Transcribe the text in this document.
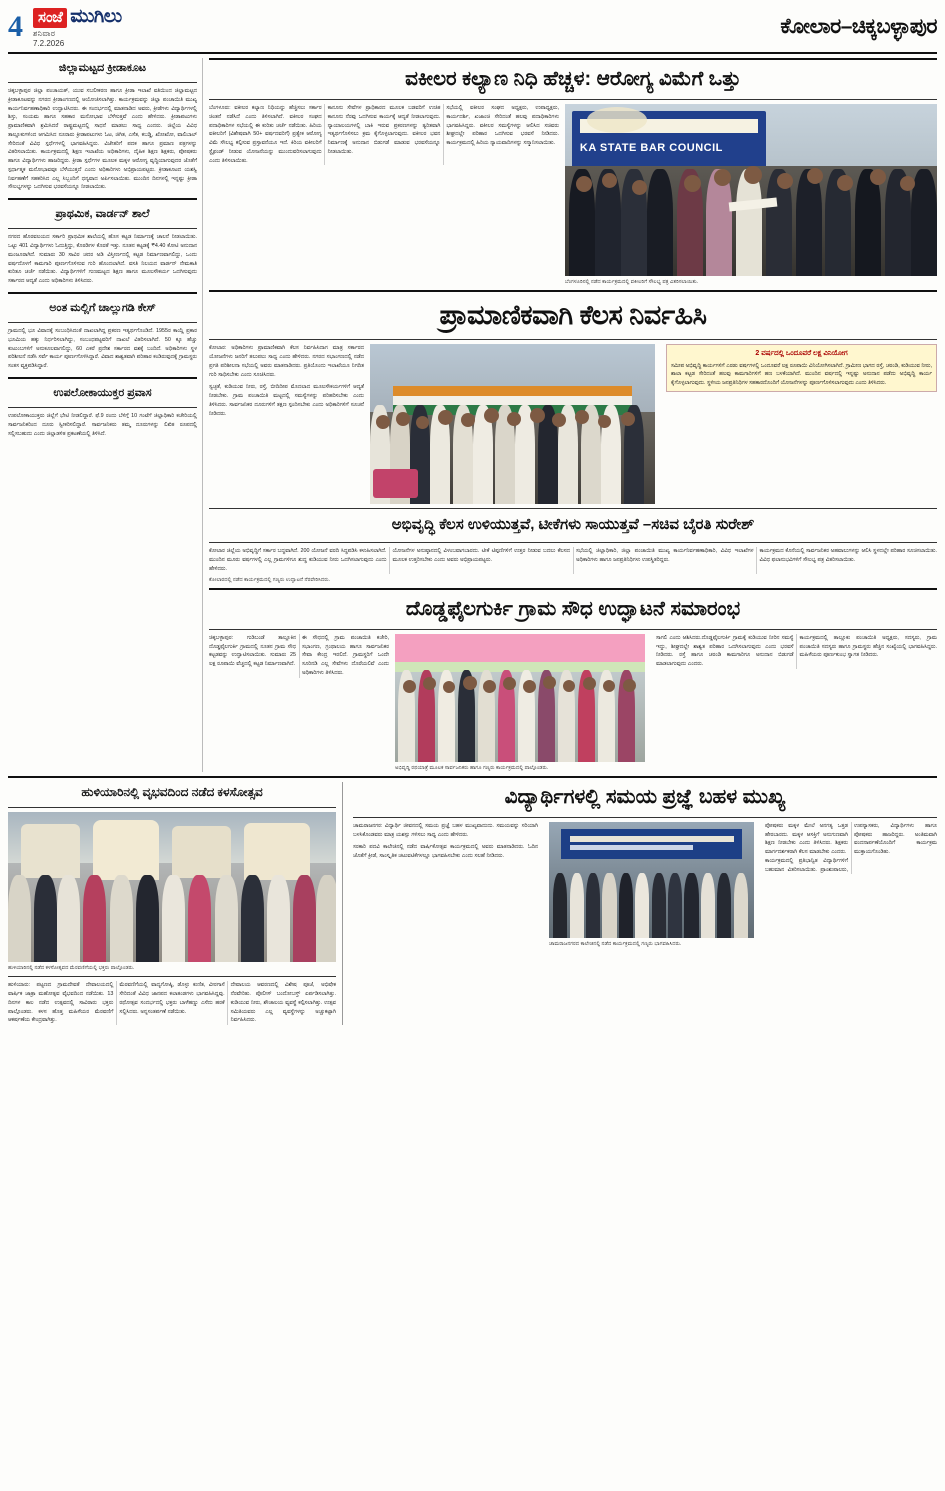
4	ಸಂಜೆ ಮುಗಿಲು
ಶನಿವಾರ
7.2.2026
ಕೋಲಾರ–ಚಿಕ್ಕಬಳ್ಳಾಪುರ
ಜಿಲ್ಲಾಮಟ್ಟದ ಕ್ರೀಡಾಕೂಟ
ಚಿಕ್ಕಬಳ್ಳಾಪುರ ಜಿಲ್ಲಾ ಪಂಚಾಯತ್‌, ಯುವ ಸಬಲೀಕರಣ ಹಾಗೂ ಕ್ರೀಡಾ ಇಲಾಖೆ ವತಿಯಿಂದ ಜಿಲ್ಲಾಮಟ್ಟದ ಕ್ರೀಡಾಕೂಟವನ್ನು ನಗರದ ಕ್ರೀಡಾಂಗಣದಲ್ಲಿ ಆಯೋಜಿಸಲಾಗಿತ್ತು. ಕಾರ್ಯಕ್ರಮವನ್ನು ಜಿಲ್ಲಾ ಪಂಚಾಯಿತಿ ಮುಖ್ಯ ಕಾರ್ಯನಿರ್ವಹಣಾಧಿಕಾರಿ ಉದ್ಘಾಟಿಸಿದರು. ಈ ಸಂದರ್ಭದಲ್ಲಿ ಮಾತನಾಡಿದ ಅವರು, ಕ್ರೀಡೆಗಳು ವಿದ್ಯಾರ್ಥಿಗಳಲ್ಲಿ ಶಿಸ್ತು, ಸಂಯಮ ಹಾಗೂ ಸಹಕಾರ ಮನೋಭಾವ ಬೆಳೆಸುತ್ತವೆ ಎಂದು ಹೇಳಿದರು. ಕ್ರೀಡಾಪಟುಗಳು ಪ್ರಾಮಾಣಿಕವಾಗಿ ಶ್ರಮಿಸಿದರೆ ರಾಷ್ಟ್ರಮಟ್ಟದಲ್ಲಿ ಸಾಧನೆ ಮಾಡಲು ಸಾಧ್ಯ ಎಂದರು. ಜಿಲ್ಲೆಯ ವಿವಿಧ ತಾಲ್ಲೂಕುಗಳಿಂದ ಆಗಮಿಸಿದ ನೂರಾರು ಕ್ರೀಡಾಪಟುಗಳು ಓಟ, ಜಿಗಿತ, ಎಸೆತ, ಕಬಡ್ಡಿ, ಖೋಖೋ, ವಾಲಿಬಾಲ್‌ ಸೇರಿದಂತೆ ವಿವಿಧ ಸ್ಪರ್ಧೆಗಳಲ್ಲಿ ಭಾಗವಹಿಸಿದ್ದರು. ವಿಜೇತರಿಗೆ ಪದಕ ಹಾಗೂ ಪ್ರಮಾಣ ಪತ್ರಗಳನ್ನು ವಿತರಿಸಲಾಯಿತು. ಕಾರ್ಯಕ್ರಮದಲ್ಲಿ ಶಿಕ್ಷಣ ಇಲಾಖೆಯ ಅಧಿಕಾರಿಗಳು, ದೈಹಿಕ ಶಿಕ್ಷಣ ಶಿಕ್ಷಕರು, ಪೋಷಕರು ಹಾಗೂ ವಿದ್ಯಾರ್ಥಿಗಳು ಹಾಜರಿದ್ದರು. ಕ್ರೀಡಾ ಸ್ಪರ್ಧೆಗಳ ಮೂಲಕ ಮಕ್ಕಳ ಆರೋಗ್ಯ ವೃದ್ಧಿಯಾಗುವುದರ ಜೊತೆಗೆ ಸ್ಪರ್ಧಾತ್ಮಕ ಮನೋಭಾವವೂ ಬೆಳೆಯುತ್ತದೆ ಎಂದು ಅಧಿಕಾರಿಗಳು ಅಭಿಪ್ರಾಯಪಟ್ಟರು. ಕ್ರೀಡಾಕೂಟದ ಯಶಸ್ವಿ ನಿರ್ವಹಣೆಗೆ ಸಹಕರಿಸಿದ ಎಲ್ಲ ಸಿಬ್ಬಂದಿಗೆ ಧನ್ಯವಾದ ಅರ್ಪಿಸಲಾಯಿತು. ಮುಂದಿನ ದಿನಗಳಲ್ಲಿ ಇನ್ನಷ್ಟು ಕ್ರೀಡಾ ಸೌಲಭ್ಯಗಳನ್ನು ಒದಗಿಸುವ ಭರವಸೆಯನ್ನೂ ನೀಡಲಾಯಿತು.
ಪ್ರಾಥಮಿಕ, ವಾರ್ಡನ್‌ ಶಾಲೆ
ನಗರದ ಹೊರವಲಯದ ಸರ್ಕಾರಿ ಪ್ರಾಥಮಿಕ ಶಾಲೆಯಲ್ಲಿ ಹೊಸ ಕಟ್ಟಡ ನಿರ್ಮಾಣಕ್ಕೆ ಚಾಲನೆ ನೀಡಲಾಯಿತು. ಒಟ್ಟು 401 ವಿದ್ಯಾರ್ಥಿಗಳು ಓದುತ್ತಿದ್ದು, ಕೊಠಡಿಗಳ ಕೊರತೆ ಇತ್ತು. ನೂತನ ಕಟ್ಟಡಕ್ಕೆ ₹4.40 ಕೋಟಿ ಅನುದಾನ ಮಂಜೂರಾಗಿದೆ. ಸುಮಾರು 30 ಸಾವಿರ ಚದರ ಅಡಿ ವಿಸ್ತೀರ್ಣದಲ್ಲಿ ಕಟ್ಟಡ ನಿರ್ಮಾಣವಾಗಲಿದ್ದು, ಒಂದು ವರ್ಷದೊಳಗೆ ಕಾಮಗಾರಿ ಪೂರ್ಣಗೊಳಿಸುವ ಗುರಿ ಹೊಂದಲಾಗಿದೆ. ವಸತಿ ನಿಲಯದ ವಾರ್ಡನ್‌ ನೇಮಕಾತಿ ಕುರಿತೂ ಚರ್ಚೆ ನಡೆಯಿತು. ವಿದ್ಯಾರ್ಥಿಗಳಿಗೆ ಗುಣಮಟ್ಟದ ಶಿಕ್ಷಣ ಹಾಗೂ ಮೂಲಸೌಕರ್ಯ ಒದಗಿಸುವುದು ಸರ್ಕಾರದ ಆದ್ಯತೆ ಎಂದು ಅಧಿಕಾರಿಗಳು ತಿಳಿಸಿದರು.
ಅಂತ ಮಲ್ಲಿಗೆ ಚಾಲ್ಲುಗಡಿ ಕೇಸ್‌
ಗ್ರಾಮದಲ್ಲಿ ಭೂ ವಿವಾದಕ್ಕೆ ಸಂಬಂಧಿಸಿದಂತೆ ದಾಖಲಾಗಿದ್ದ ಪ್ರಕರಣ ಇತ್ಯರ್ಥಗೊಂಡಿದೆ. 1955ರ ಕಾಯ್ದೆ ಪ್ರಕಾರ ಭೂಮಿಯ ಹಕ್ಕು ನಿರ್ಧರಿಸಲಾಗಿದ್ದು, ಸಂಬಂಧಪಟ್ಟವರಿಗೆ ದಾಖಲೆ ವಿತರಿಸಲಾಗಿದೆ. 50 ಕ್ಕೂ ಹೆಚ್ಚು ಕುಟುಂಬಗಳಿಗೆ ಅನುಕೂಲವಾಗಲಿದ್ದು, 60 ಎಕರೆ ಪ್ರದೇಶ ಸರ್ಕಾರದ ವಶಕ್ಕೆ ಬಂದಿದೆ. ಅಧಿಕಾರಿಗಳು ಸ್ಥಳ ಪರಿಶೀಲನೆ ನಡೆಸಿ ಸರ್ವೆ ಕಾರ್ಯ ಪೂರ್ಣಗೊಳಿಸಿದ್ದಾರೆ. ವಿವಾದ ಶಾಶ್ವತವಾಗಿ ಪರಿಹಾರ ಕಂಡಿರುವುದಕ್ಕೆ ಗ್ರಾಮಸ್ಥರು ಸಂತಸ ವ್ಯಕ್ತಪಡಿಸಿದ್ದಾರೆ.
ಉಪಲೋಕಾಯುಕ್ತರ ಪ್ರವಾಸ
ಉಪಲೋಕಾಯುಕ್ತರು ಜಿಲ್ಲೆಗೆ ಭೇಟಿ ನೀಡಲಿದ್ದಾರೆ. ಫೆ.9 ರಂದು ಬೆಳಿಗ್ಗೆ 10 ಗಂಟೆಗೆ ಜಿಲ್ಲಾಧಿಕಾರಿ ಕಚೇರಿಯಲ್ಲಿ ಸಾರ್ವಜನಿಕರಿಂದ ದೂರು ಸ್ವೀಕರಿಸಲಿದ್ದಾರೆ. ಸಾರ್ವಜನಿಕರು ತಮ್ಮ ದೂರುಗಳನ್ನು ಲಿಖಿತ ರೂಪದಲ್ಲಿ ಸಲ್ಲಿಸಬಹುದು ಎಂದು ಜಿಲ್ಲಾಡಳಿತ ಪ್ರಕಟಣೆಯಲ್ಲಿ ತಿಳಿಸಿದೆ.
ವಕೀಲರ ಕಲ್ಯಾಣ ನಿಧಿ ಹೆಚ್ಚಳ: ಆರೋಗ್ಯ ವಿಮೆಗೆ ಒತ್ತು
ಬೆಂಗಳೂರು: ವಕೀಲರ ಕಲ್ಯಾಣ ನಿಧಿಯನ್ನು ಹೆಚ್ಚಿಸಲು ಸರ್ಕಾರ ಚಿಂತನೆ ನಡೆಸಿದೆ ಎಂದು ತಿಳಿಸಲಾಗಿದೆ. ವಕೀಲರ ಸಂಘದ ಪದಾಧಿಕಾರಿಗಳ ಸಭೆಯಲ್ಲಿ ಈ ಕುರಿತು ಚರ್ಚೆ ನಡೆಯಿತು. ಹಿರಿಯ ವಕೀಲರಿಗೆ (ವಿಶೇಷವಾಗಿ 50+ ವರ್ಷದವರಿಗೆ) ಪ್ರತ್ಯೇಕ ಆರೋಗ್ಯ ವಿಮೆ ಸೌಲಭ್ಯ ಕಲ್ಪಿಸುವ ಪ್ರಸ್ತಾವನೆಯೂ ಇದೆ. ಕಿರಿಯ ವಕೀಲರಿಗೆ ಸ್ಟೈಫಂಡ್‌ ನೀಡುವ ಯೋಜನೆಯನ್ನು ಮುಂದುವರಿಸಲಾಗುವುದು ಎಂದು ತಿಳಿಸಲಾಯಿತು.
ಕಾನೂನು ಸೇವೆಗಳ ಪ್ರಾಧಿಕಾರದ ಮೂಲಕ ಬಡವರಿಗೆ ಉಚಿತ ಕಾನೂನು ನೆರವು ಒದಗಿಸುವ ಕಾರ್ಯಕ್ಕೆ ಆದ್ಯತೆ ನೀಡಲಾಗುವುದು. ನ್ಯಾಯಾಲಯಗಳಲ್ಲಿ ಬಾಕಿ ಇರುವ ಪ್ರಕರಣಗಳನ್ನು ತ್ವರಿತವಾಗಿ ಇತ್ಯರ್ಥಗೊಳಿಸಲು ಕ್ರಮ ಕೈಗೊಳ್ಳಲಾಗುವುದು. ವಕೀಲರ ಭವನ ನಿರ್ಮಾಣಕ್ಕೆ ಅನುದಾನ ಬಿಡುಗಡೆ ಮಾಡುವ ಭರವಸೆಯನ್ನೂ ನೀಡಲಾಯಿತು.
ಸಭೆಯಲ್ಲಿ ವಕೀಲರ ಸಂಘದ ಅಧ್ಯಕ್ಷರು, ಉಪಾಧ್ಯಕ್ಷರು, ಕಾರ್ಯದರ್ಶಿ, ಖಜಾಂಚಿ ಸೇರಿದಂತೆ ಹಲವು ಪದಾಧಿಕಾರಿಗಳು ಭಾಗವಹಿಸಿದ್ದರು. ವಕೀಲರ ಸಮಸ್ಯೆಗಳನ್ನು ಆಲಿಸಿದ ಸಚಿವರು ಶೀಘ್ರದಲ್ಲೇ ಪರಿಹಾರ ಒದಗಿಸುವ ಭರವಸೆ ನೀಡಿದರು. ಕಾರ್ಯಕ್ರಮದಲ್ಲಿ ಹಿರಿಯ ನ್ಯಾಯವಾದಿಗಳನ್ನು ಸನ್ಮಾನಿಸಲಾಯಿತು.	KA STATE BAR COUNCIL
ಬೆಂಗಳೂರಿನಲ್ಲಿ ನಡೆದ ಕಾರ್ಯಕ್ರಮದಲ್ಲಿ ವಕೀಲರಿಗೆ ಸೌಲಭ್ಯ ಪತ್ರ ವಿತರಿಸಲಾಯಿತು.
ಪ್ರಾಮಾಣಿಕವಾಗಿ ಕೆಲಸ ನಿರ್ವಹಿಸಿ
ಕೋಲಾರ: ಅಧಿಕಾರಿಗಳು ಪ್ರಾಮಾಣಿಕವಾಗಿ ಕೆಲಸ ನಿರ್ವಹಿಸಿದಾಗ ಮಾತ್ರ ಸರ್ಕಾರದ ಯೋಜನೆಗಳು ಜನರಿಗೆ ತಲುಪಲು ಸಾಧ್ಯ ಎಂದು ಹೇಳಿದರು. ನಗರದ ಸಭಾಂಗಣದಲ್ಲಿ ನಡೆದ ಪ್ರಗತಿ ಪರಿಶೀಲನಾ ಸಭೆಯಲ್ಲಿ ಅವರು ಮಾತನಾಡಿದರು. ಪ್ರತಿಯೊಂದು ಇಲಾಖೆಯೂ ನಿಗದಿತ ಗುರಿ ಸಾಧಿಸಬೇಕು ಎಂದು ಸೂಚಿಸಿದರು.
ಸ್ವಚ್ಛತೆ, ಕುಡಿಯುವ ನೀರು, ರಸ್ತೆ, ಬೀದಿದೀಪ ಮೊದಲಾದ ಮೂಲಸೌಕರ್ಯಗಳಿಗೆ ಆದ್ಯತೆ ನೀಡಬೇಕು. ಗ್ರಾಮ ಪಂಚಾಯಿತಿ ಮಟ್ಟದಲ್ಲಿ ಸಮಸ್ಯೆಗಳನ್ನು ಪರಿಹರಿಸಬೇಕು ಎಂದು ತಿಳಿಸಿದರು. ಸಾರ್ವಜನಿಕರ ದೂರುಗಳಿಗೆ ತಕ್ಷಣ ಸ್ಪಂದಿಸಬೇಕು ಎಂದು ಅಧಿಕಾರಿಗಳಿಗೆ ಸೂಚನೆ ನೀಡಿದರು.
2 ವರ್ಷದಲ್ಲಿ ಒಂದೂವರೆ ಲಕ್ಷ ವಿನಿಯೋಗ
ಸಮೀಪ ಅಭಿವೃದ್ಧಿ ಕಾರ್ಯಗಳಿಗೆ ಎರಡು ವರ್ಷಗಳಲ್ಲಿ ಒಂದೂವರೆ ಲಕ್ಷ ರೂಪಾಯಿ ವಿನಿಯೋಗಿಸಲಾಗಿದೆ. ಗ್ರಾಮೀಣ ಭಾಗದ ರಸ್ತೆ, ಚರಂಡಿ, ಕುಡಿಯುವ ನೀರು, ಶಾಲಾ ಕಟ್ಟಡ ಸೇರಿದಂತೆ ಹಲವು ಕಾಮಗಾರಿಗಳಿಗೆ ಹಣ ಬಳಕೆಯಾಗಿದೆ. ಮುಂದಿನ ವರ್ಷದಲ್ಲಿ ಇನ್ನಷ್ಟು ಅನುದಾನ ಪಡೆದು ಅಭಿವೃದ್ಧಿ ಕಾರ್ಯ ಕೈಗೊಳ್ಳಲಾಗುವುದು. ಸ್ಥಳೀಯ ಜನಪ್ರತಿನಿಧಿಗಳ ಸಹಕಾರದೊಂದಿಗೆ ಯೋಜನೆಗಳನ್ನು ಪೂರ್ಣಗೊಳಿಸಲಾಗುವುದು ಎಂದು ತಿಳಿಸಿದರು.
ಅಭಿವೃದ್ಧಿ ಕೆಲಸ ಉಳಿಯುತ್ತವೆ, ಟೀಕೆಗಳು ಸಾಯುತ್ತವೆ –ಸಚಿವ ಬೈರತಿ ಸುರೇಶ್‌
ಕೋಲಾರ ಜಿಲ್ಲೆಯ ಅಭಿವೃದ್ಧಿಗೆ ಸರ್ಕಾರ ಬದ್ಧವಾಗಿದೆ. 200 ಯೋಜನೆ ವರದಿ ಸಿದ್ಧಪಡಿಸಿ ಕಳುಹಿಸಲಾಗಿದೆ. ಮುಂದಿನ ಮೂರು ವರ್ಷಗಳಲ್ಲಿ ಎಲ್ಲ ಗ್ರಾಮಗಳಿಗೂ ಶುದ್ಧ ಕುಡಿಯುವ ನೀರು ಒದಗಿಸಲಾಗುವುದು ಎಂದು ಹೇಳಿದರು.
ಯೋಜನೆಗಳ ಅನುಷ್ಠಾನದಲ್ಲಿ ವಿಳಂಬವಾಗಬಾರದು. ಟೀಕೆ ಟಿಪ್ಪಣಿಗಳಿಗೆ ಉತ್ತರ ನೀಡುವ ಬದಲು ಕೆಲಸದ ಮೂಲಕ ಉತ್ತರಿಸಬೇಕು ಎಂದು ಅವರು ಅಭಿಪ್ರಾಯಪಟ್ಟರು.
ಸಭೆಯಲ್ಲಿ ಜಿಲ್ಲಾಧಿಕಾರಿ, ಜಿಲ್ಲಾ ಪಂಚಾಯಿತಿ ಮುಖ್ಯ ಕಾರ್ಯನಿರ್ವಹಣಾಧಿಕಾರಿ, ವಿವಿಧ ಇಲಾಖೆಗಳ ಅಧಿಕಾರಿಗಳು ಹಾಗೂ ಜನಪ್ರತಿನಿಧಿಗಳು ಉಪಸ್ಥಿತರಿದ್ದರು.
ಕಾರ್ಯಕ್ರಮದ ಕೊನೆಯಲ್ಲಿ ಸಾರ್ವಜನಿಕರ ಅಹವಾಲುಗಳನ್ನು ಆಲಿಸಿ ಸ್ಥಳದಲ್ಲೇ ಪರಿಹಾರ ಸೂಚಿಸಲಾಯಿತು. ವಿವಿಧ ಫಲಾನುಭವಿಗಳಿಗೆ ಸೌಲಭ್ಯ ಪತ್ರ ವಿತರಿಸಲಾಯಿತು.
ಕೋಲಾರದಲ್ಲಿ ನಡೆದ ಕಾರ್ಯಕ್ರಮದಲ್ಲಿ ಗಣ್ಯರು ಉದ್ಘಾಟನೆ ನೆರವೇರಿಸಿದರು.
ದೊಡ್ಡಫೈಲಗುರ್ಕಿ ಗ್ರಾಮ ಸೌಧ ಉದ್ಘಾಟನೆ ಸಮಾರಂಭ
ಚಿಕ್ಕಬಳ್ಳಾಪುರ: ಗುಡಿಬಂಡೆ ತಾಲ್ಲೂಕಿನ ದೊಡ್ಡಫೈಲಗುರ್ಕಿ ಗ್ರಾಮದಲ್ಲಿ ನೂತನ ಗ್ರಾಮ ಸೌಧ ಕಟ್ಟಡವನ್ನು ಉದ್ಘಾಟಿಸಲಾಯಿತು. ಸುಮಾರು 25 ಲಕ್ಷ ರೂಪಾಯಿ ವೆಚ್ಚದಲ್ಲಿ ಕಟ್ಟಡ ನಿರ್ಮಾಣವಾಗಿದೆ.
ಈ ಸೌಧದಲ್ಲಿ ಗ್ರಾಮ ಪಂಚಾಯಿತಿ ಕಚೇರಿ, ಸಭಾಂಗಣ, ಗ್ರಂಥಾಲಯ ಹಾಗೂ ಸಾರ್ವಜನಿಕರ ಸೇವಾ ಕೇಂದ್ರ ಇರಲಿದೆ. ಗ್ರಾಮಸ್ಥರಿಗೆ ಒಂದೇ ಸೂರಿನಡಿ ಎಲ್ಲ ಸೇವೆಗಳು ದೊರೆಯಲಿವೆ ಎಂದು ಅಧಿಕಾರಿಗಳು ತಿಳಿಸಿದರು.
ಅಭಿವೃದ್ಧಿ ರಥಯಾತ್ರೆ ಮೂಲಕ ಸಾರ್ವಜನಿಕರು ಹಾಗೂ ಗಣ್ಯರು ಕಾರ್ಯಕ್ರಮದಲ್ಲಿ ಪಾಲ್ಗೊಂಡರು.
ಸಾಗಲಿ ಎಂದು ಆಶಿಸಿದರು.ದೊಡ್ಡಫೈಲಗುರ್ಕಿ ಗ್ರಾಮಕ್ಕೆ ಕುಡಿಯುವ ನೀರಿನ ಸಮಸ್ಯೆ ಇದ್ದು, ಶೀಘ್ರದಲ್ಲೇ ಶಾಶ್ವತ ಪರಿಹಾರ ಒದಗಿಸಲಾಗುವುದು ಎಂದು ಭರವಸೆ ನೀಡಿದರು. ರಸ್ತೆ ಹಾಗೂ ಚರಂಡಿ ಕಾಮಗಾರಿಗೂ ಅನುದಾನ ಬಿಡುಗಡೆ ಮಾಡಲಾಗುವುದು ಎಂದರು.
ಕಾರ್ಯಕ್ರಮದಲ್ಲಿ ತಾಲ್ಲೂಕು ಪಂಚಾಯಿತಿ ಅಧ್ಯಕ್ಷರು, ಸದಸ್ಯರು, ಗ್ರಾಮ ಪಂಚಾಯಿತಿ ಸದಸ್ಯರು ಹಾಗೂ ಗ್ರಾಮಸ್ಥರು ಹೆಚ್ಚಿನ ಸಂಖ್ಯೆಯಲ್ಲಿ ಭಾಗವಹಿಸಿದ್ದರು. ಮಹಿಳೆಯರು ಪೂರ್ಣಕುಂಭ ಸ್ವಾಗತ ನೀಡಿದರು.
ಹುಳಿಯಾರಿನಲ್ಲಿ ವೃಭವದಿಂದ ನಡೆದ ಕಳಸೋತ್ಸವ
ಹುಳಿಯಾರಿನಲ್ಲಿ ನಡೆದ ಕಳಸೋತ್ಸವದ ಮೆರವಣಿಗೆಯಲ್ಲಿ ಭಕ್ತರು ಪಾಲ್ಗೊಂಡರು.
ಹುಳಿಯಾರು: ಪಟ್ಟಣದ ಗ್ರಾಮದೇವತೆ ದೇವಾಲಯದಲ್ಲಿ ವಾರ್ಷಿಕ ಜಾತ್ರಾ ಮಹೋತ್ಸವ ವೈಭವದಿಂದ ನಡೆಯಿತು. 13 ದಿನಗಳ ಕಾಲ ನಡೆದ ಉತ್ಸವದಲ್ಲಿ ಸಾವಿರಾರು ಭಕ್ತರು ಪಾಲ್ಗೊಂಡರು. ಕಳಸ ಹೊತ್ತ ಮಹಿಳೆಯರ ಮೆರವಣಿಗೆ ಆಕರ್ಷಣೆಯ ಕೇಂದ್ರವಾಗಿತ್ತು.
ಮೆರವಣಿಗೆಯಲ್ಲಿ ವಾದ್ಯಗೋಷ್ಠಿ, ಡೊಳ್ಳು ಕುಣಿತ, ವೀರಗಾಸೆ ಸೇರಿದಂತೆ ವಿವಿಧ ಜಾನಪದ ಕಲಾತಂಡಗಳು ಭಾಗವಹಿಸಿದ್ದವು. ರಥೋತ್ಸವ ಸಂದರ್ಭದಲ್ಲಿ ಭಕ್ತರು ಬಾಳೆಹಣ್ಣು ಎಸೆದು ಹರಕೆ ಸಲ್ಲಿಸಿದರು. ಅನ್ನಸಂತರ್ಪಣೆ ನಡೆಯಿತು.
ದೇವಾಲಯ ಆವರಣದಲ್ಲಿ ವಿಶೇಷ ಪೂಜೆ, ಅಭಿಷೇಕ ನೆರವೇರಿತು. ಪೊಲೀಸ್‌ ಬಂದೋಬಸ್ತ್‌ ಏರ್ಪಡಿಸಲಾಗಿತ್ತು. ಕುಡಿಯುವ ನೀರು, ಶೌಚಾಲಯ ವ್ಯವಸ್ಥೆ ಕಲ್ಪಿಸಲಾಗಿತ್ತು. ಉತ್ಸವ ಸಮಿತಿಯವರು ಎಲ್ಲ ವ್ಯವಸ್ಥೆಗಳನ್ನು ಅಚ್ಚುಕಟ್ಟಾಗಿ ನಿರ್ವಹಿಸಿದರು.
ವಿದ್ಯಾರ್ಥಿಗಳಲ್ಲಿ ಸಮಯ ಪ್ರಜ್ಞೆ ಬಹಳ ಮುಖ್ಯ
ಚಾಮರಾಜನಗರ: ವಿದ್ಯಾರ್ಥಿ ಜೀವನದಲ್ಲಿ ಸಮಯ ಪ್ರಜ್ಞೆ ಬಹಳ ಮುಖ್ಯವಾದುದು. ಸಮಯವನ್ನು ಸರಿಯಾಗಿ ಬಳಸಿಕೊಂಡವರು ಮಾತ್ರ ಯಶಸ್ಸು ಗಳಿಸಲು ಸಾಧ್ಯ ಎಂದು ಹೇಳಿದರು.
ಸರಕಾರಿ ಪದವಿ ಕಾಲೇಜಿನಲ್ಲಿ ನಡೆದ ವಾರ್ಷಿಕೋತ್ಸವ ಕಾರ್ಯಕ್ರಮದಲ್ಲಿ ಅವರು ಮಾತನಾಡಿದರು. ಓದಿನ ಜೊತೆಗೆ ಕ್ರೀಡೆ, ಸಾಂಸ್ಕೃತಿಕ ಚಟುವಟಿಕೆಗಳಲ್ಲೂ ಭಾಗವಹಿಸಬೇಕು ಎಂದು ಸಲಹೆ ನೀಡಿದರು.
ಚಾಮರಾಜನಗರದ ಕಾಲೇಜಿನಲ್ಲಿ ನಡೆದ ಕಾರ್ಯಕ್ರಮದಲ್ಲಿ ಗಣ್ಯರು ಭಾಗವಹಿಸಿದರು.
ಪೋಷಕರು ಮಕ್ಕಳ ಮೇಲೆ ಅನಗತ್ಯ ಒತ್ತಡ ಹೇರಬಾರದು. ಮಕ್ಕಳ ಆಸಕ್ತಿಗೆ ಅನುಗುಣವಾಗಿ ಶಿಕ್ಷಣ ನೀಡಬೇಕು ಎಂದು ತಿಳಿಸಿದರು. ಶಿಕ್ಷಕರು ಮಾರ್ಗದರ್ಶಕರಾಗಿ ಕೆಲಸ ಮಾಡಬೇಕು ಎಂದರು.
ಕಾರ್ಯಕ್ರಮದಲ್ಲಿ ಪ್ರತಿಭಾನ್ವಿತ ವಿದ್ಯಾರ್ಥಿಗಳಿಗೆ ಬಹುಮಾನ ವಿತರಿಸಲಾಯಿತು. ಪ್ರಾಂಶುಪಾಲರು, ಉಪನ್ಯಾಸಕರು, ವಿದ್ಯಾರ್ಥಿಗಳು ಹಾಗೂ ಪೋಷಕರು ಹಾಜರಿದ್ದರು. ಅಂತಿಮವಾಗಿ ವಂದನಾರ್ಪಣೆಯೊಂದಿಗೆ ಕಾರ್ಯಕ್ರಮ ಮುಕ್ತಾಯಗೊಂಡಿತು.
